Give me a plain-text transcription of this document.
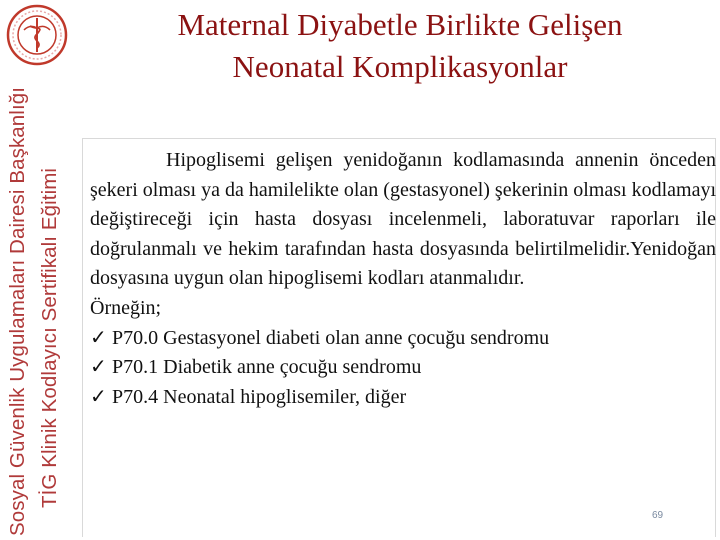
Sosyal Güvenlik Uygulamaları Dairesi Başkanlığı TİG Klinik Kodlayıcı Sertifikalı Eğitimi
Maternal Diyabetle Birlikte Gelişen
Neonatal Komplikasyonlar

Hipoglisemi gelişen yenidoğanın kodlamasında annenin önceden şekeri olması ya da hamilelikte olan (gestasyonel) şekerinin olması kodlamayı değiştireceği için hasta dosyası incelenmeli, laboratuvar raporları ile doğrulanmalı ve hekim tarafından hasta dosyasında belirtilmelidir.Yenidoğan dosyasına uygun olan hipoglisemi kodları atanmalıdır.

Örneğin;

✓ P70.0 Gestasyonel diabeti olan anne çocuğu sendromu

✓ P70.1 Diabetik anne çocuğu sendromu

✓ P70.4 Neonatal hipoglisemiler, diğer

69
